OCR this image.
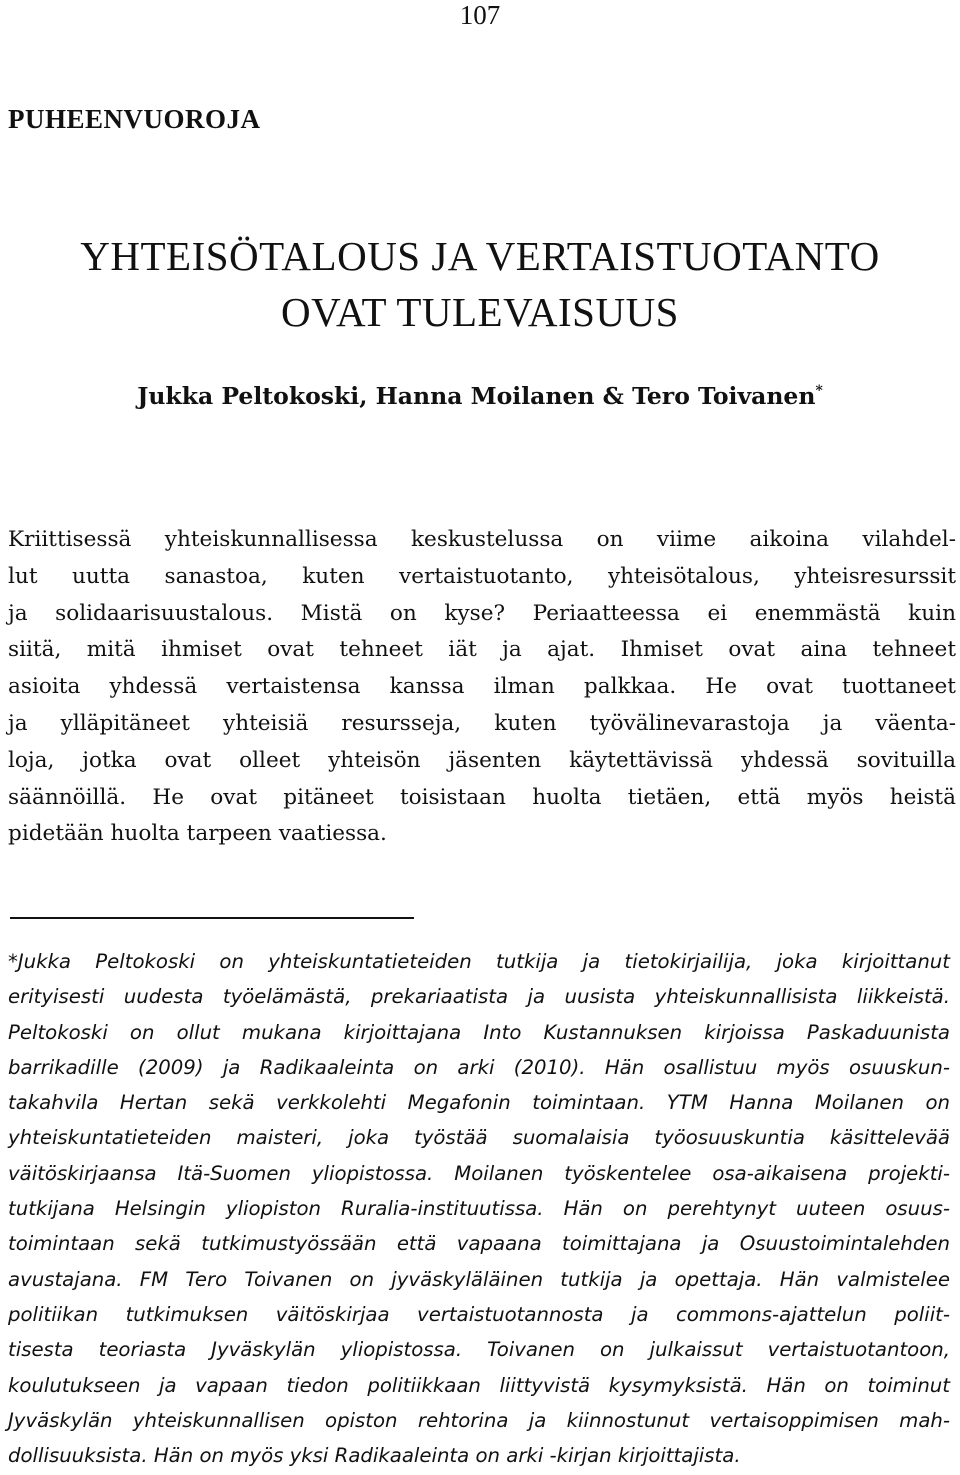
107
PUHEENVUOROJA
YHTEISÖTALOUS JA VERTAISTUOTANTO
OVAT TULEVAISUUS
Jukka Peltokoski, Hanna Moilanen & Tero Toivanen*
Kriittisessä yhteiskunnallisessa keskustelussa on viime aikoina vilahdel-
lut uutta sanastoa, kuten vertaistuotanto, yhteisötalous, yhteisresurssit
ja solidaarisuustalous. Mistä on kyse? Periaatteessa ei enemmästä kuin
siitä, mitä ihmiset ovat tehneet iät ja ajat. Ihmiset ovat aina tehneet
asioita yhdessä vertaistensa kanssa ilman palkkaa. He ovat tuottaneet
ja ylläpitäneet yhteisiä resursseja, kuten työvälinevarastoja ja väenta-
loja, jotka ovat olleet yhteisön jäsenten käytettävissä yhdessä sovituilla
säännöillä. He ovat pitäneet toisistaan huolta tietäen, että myös heistä
pidetään huolta tarpeen vaatiessa.
*Jukka Peltokoski on yhteiskuntatieteiden tutkija ja tietokirjailija, joka kirjoittanut
erityisesti uudesta työelämästä, prekariaatista ja uusista yhteiskunnallisista liikkeistä.
Peltokoski on ollut mukana kirjoittajana Into Kustannuksen kirjoissa Paskaduunista
barrikadille (2009) ja Radikaaleinta on arki (2010). Hän osallistuu myös osuuskun-
takahvila Hertan sekä verkkolehti Megafonin toimintaan. YTM Hanna Moilanen on
yhteiskuntatieteiden maisteri, joka työstää suomalaisia työosuuskuntia käsittelevää
väitöskirjaansa Itä-Suomen yliopistossa. Moilanen työskentelee osa-aikaisena projekti-
tutkijana Helsingin yliopiston Ruralia-instituutissa. Hän on perehtynyt uuteen osuus-
toimintaan sekä tutkimustyössään että vapaana toimittajana ja Osuustoimintalehden
avustajana. FM Tero Toivanen on jyväskyläläinen tutkija ja opettaja. Hän valmistelee
politiikan tutkimuksen väitöskirjaa vertaistuotannosta ja commons-ajattelun poliit-
tisesta teoriasta Jyväskylän yliopistossa. Toivanen on julkaissut vertaistuotantoon,
koulutukseen ja vapaan tiedon politiikkaan liittyvistä kysymyksistä. Hän on toiminut
Jyväskylän yhteiskunnallisen opiston rehtorina ja kiinnostunut vertaisoppimisen mah-
dollisuuksista. Hän on myös yksi Radikaaleinta on arki -kirjan kirjoittajista.
